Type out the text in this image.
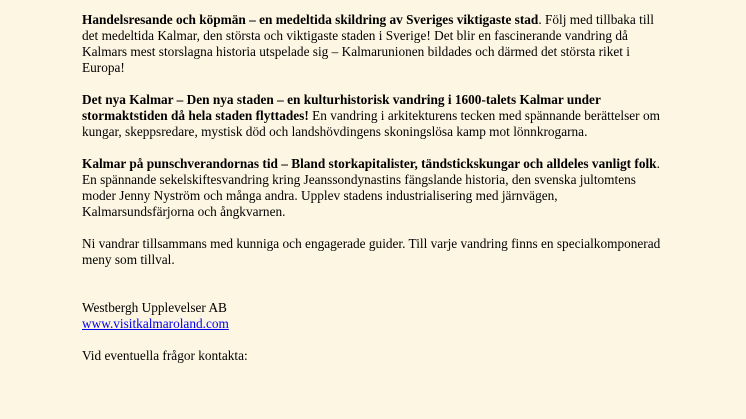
Handelsresande och köpmän – en medeltida skildring av Sveriges viktigaste stad. Följ med tillbaka till det medeltida Kalmar, den största och viktigaste staden i Sverige! Det blir en fascinerande vandring då Kalmars mest storslagna historia utspelade sig – Kalmarunionen bildades och därmed det största riket i Europa!

Det nya Kalmar – Den nya staden – en kulturhistorisk vandring i 1600-talets Kalmar under stormaktstiden då hela staden flyttades! En vandring i arkitekturens tecken med spännande berättelser om kungar, skeppsredare, mystisk död och landshövdingens skoningslösa kamp mot lönnkrogarna.

Kalmar på punschverandornas tid – Bland storkapitalister, tändstickskungar och alldeles vanligt folk. En spännande sekelskiftesvandring kring Jeanssondynastins fängslande historia, den svenska jultomtens moder Jenny Nyström och många andra. Upplev stadens industrialisering med järnvägen, Kalmarsundsfärjorna och ångkvarnen.

Ni vandrar tillsammans med kunniga och engagerade guider. Till varje vandring finns en specialkomponerad meny som tillval.

Westbergh Upplevelser AB
www.visitkalmaroland.com

Vid eventuella frågor kontakta:
